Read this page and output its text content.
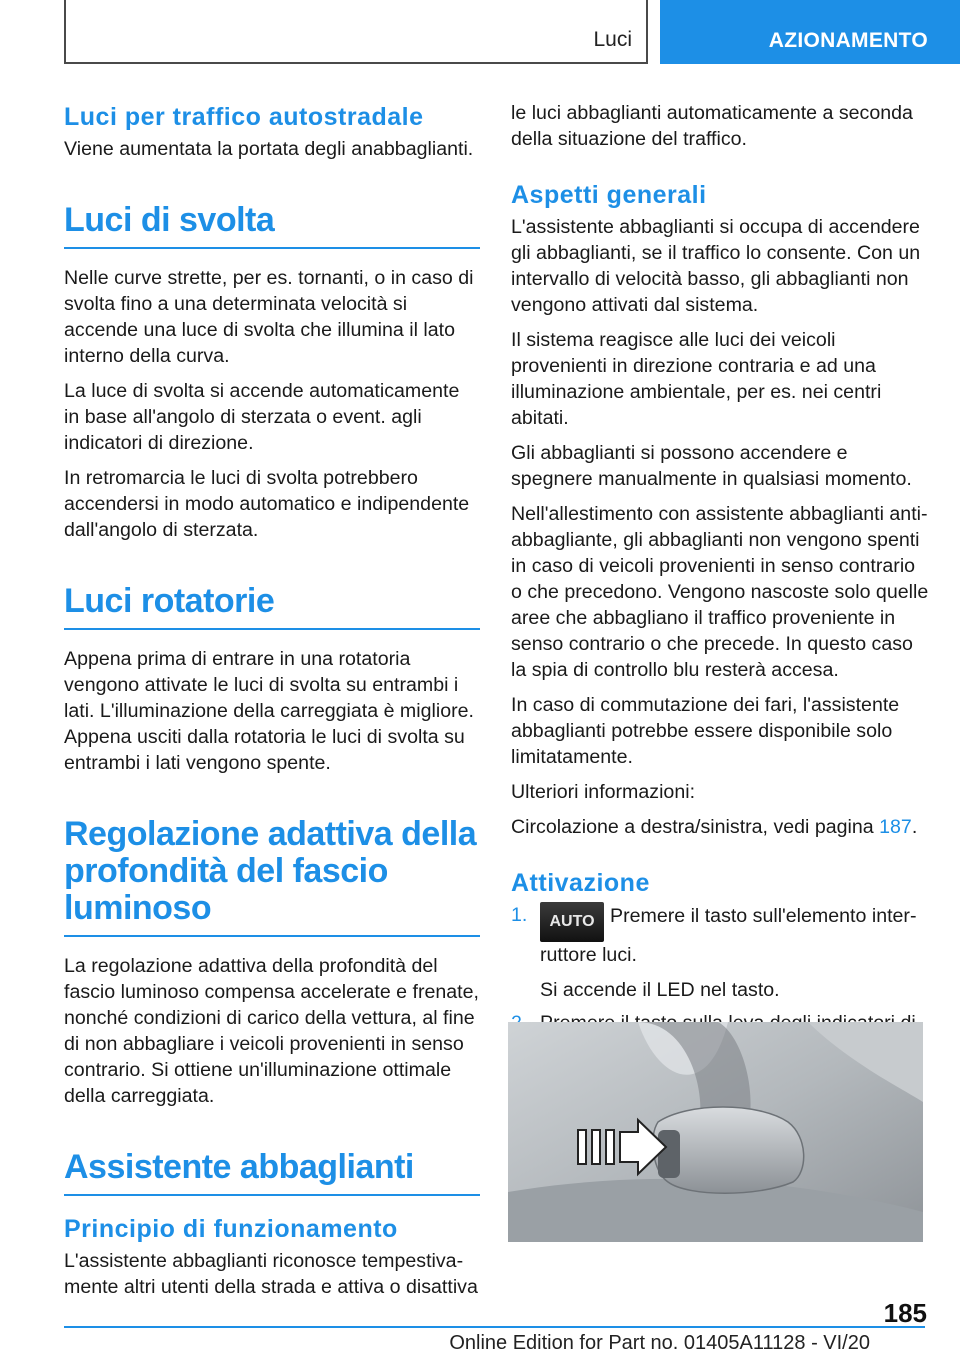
Luci	AZIONAMENTO
Luci per traffico autostradale

Viene aumentata la portata degli anabbaglianti.

Luci di svolta

Nelle curve strette, per es. tornanti, o in caso di svolta fino a una determinata velocità si accende una luce di svolta che illumina il lato interno della curva.

La luce di svolta si accende automaticamente in base all'angolo di sterzata o event. agli indicatori di direzione.

In retromarcia le luci di svolta potrebbero accendersi in modo automatico e indipendente dall'angolo di sterzata.

Luci rotatorie

Appena prima di entrare in una rotatoria vengono attivate le luci di svolta su entrambi i lati. L'illuminazione della carreggiata è migliore. Appena usciti dalla rotatoria le luci di svolta su entrambi i lati vengono spente.

Regolazione adattiva della profondità del fascio luminoso

La regolazione adattiva della profondità del fascio luminoso compensa accelerate e frenate, nonché condizioni di carico della vettura, al fine di non abbagliare i veicoli provenienti in senso contrario. Si ottiene un'illuminazione ottimale della carreggiata.

Assistente abbaglianti
Principio di funzionamento

L'assistente abbaglianti riconosce tempestivamente altri utenti della strada e attiva o disattiva

le luci abbaglianti automaticamente a seconda della situazione del traffico.

Aspetti generali

L'assistente abbaglianti si occupa di accendere gli abbaglianti, se il traffico lo consente. Con un intervallo di velocità basso, gli abbaglianti non vengono attivati dal sistema.

Il sistema reagisce alle luci dei veicoli provenienti in direzione contraria e ad una illuminazione ambientale, per es. nei centri abitati.

Gli abbaglianti si possono accendere e spegnere manualmente in qualsiasi momento.

Nell'allestimento con assistente abbaglianti antiabbagliante, gli abbaglianti non vengono spenti in caso di veicoli provenienti in senso contrario o che precedono. Vengono nascoste solo quelle aree che abbagliano il traffico proveniente in senso contrario o che precede. In questo caso la spia di controllo blu resterà accesa.

In caso di commutazione dei fari, l'assistente abbaglianti potrebbe essere disponibile solo limitatamente.

Ulteriori informazioni:

Circolazione a destra/sinistra, vedi pagina 187.

Attivazione
1. AUTO Premere il tasto sull'elemento interruttore luci.
Si accende il LED nel tasto.
185
Online Edition for Part no. 01405A11128 - VI/20
